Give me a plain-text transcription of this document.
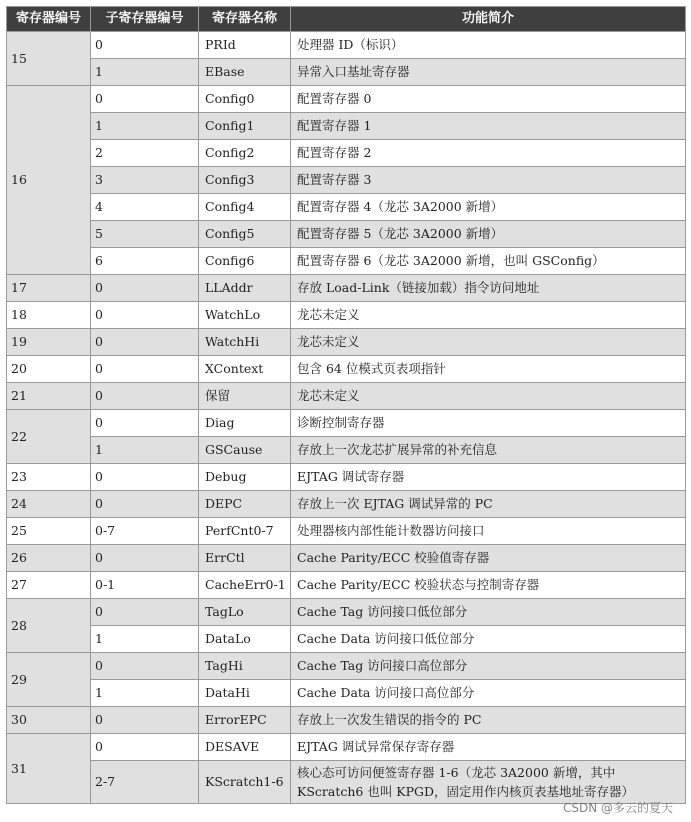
寄存器编号	子寄存器编号	寄存器名称	功能简介
15	0	PRId	处理器 ID（标识）
	1	EBase	异常入口基址寄存器
16	0	Config0	配置寄存器 0
	1	Config1	配置寄存器 1
	2	Config2	配置寄存器 2
	3	Config3	配置寄存器 3
	4	Config4	配置寄存器 4（龙芯 3A2000 新增）
	5	Config5	配置寄存器 5（龙芯 3A2000 新增）
	6	Config6	配置寄存器 6（龙芯 3A2000 新增，也叫 GSConfig）
17	0	LLAddr	存放 Load-Link（链接加载）指令访问地址
18	0	WatchLo	龙芯未定义
19	0	WatchHi	龙芯未定义
20	0	XContext	包含 64 位模式页表项指针
21	0	保留	龙芯未定义
22	0	Diag	诊断控制寄存器
	1	GSCause	存放上一次龙芯扩展异常的补充信息
23	0	Debug	EJTAG 调试寄存器
24	0	DEPC	存放上一次 EJTAG 调试异常的 PC
25	0-7	PerfCnt0-7	处理器核内部性能计数器访问接口
26	0	ErrCtl	Cache Parity/ECC 校验值寄存器
27	0-1	CacheErr0-1	Cache Parity/ECC 校验状态与控制寄存器
28	0	TagLo	Cache Tag 访问接口低位部分
	1	DataLo	Cache Data 访问接口低位部分
29	0	TagHi	Cache Tag 访问接口高位部分
	1	DataHi	Cache Data 访问接口高位部分
30	0	ErrorEPC	存放上一次发生错误的指令的 PC
31	0	DESAVE	EJTAG 调试异常保存寄存器
	2-7	KScratch1-6	核心态可访问便签寄存器 1-6（龙芯 3A2000 新增，其中 KScratch6 也叫 KPGD，固定用作内核页表基地址寄存器）
CSDN @多云的夏天
